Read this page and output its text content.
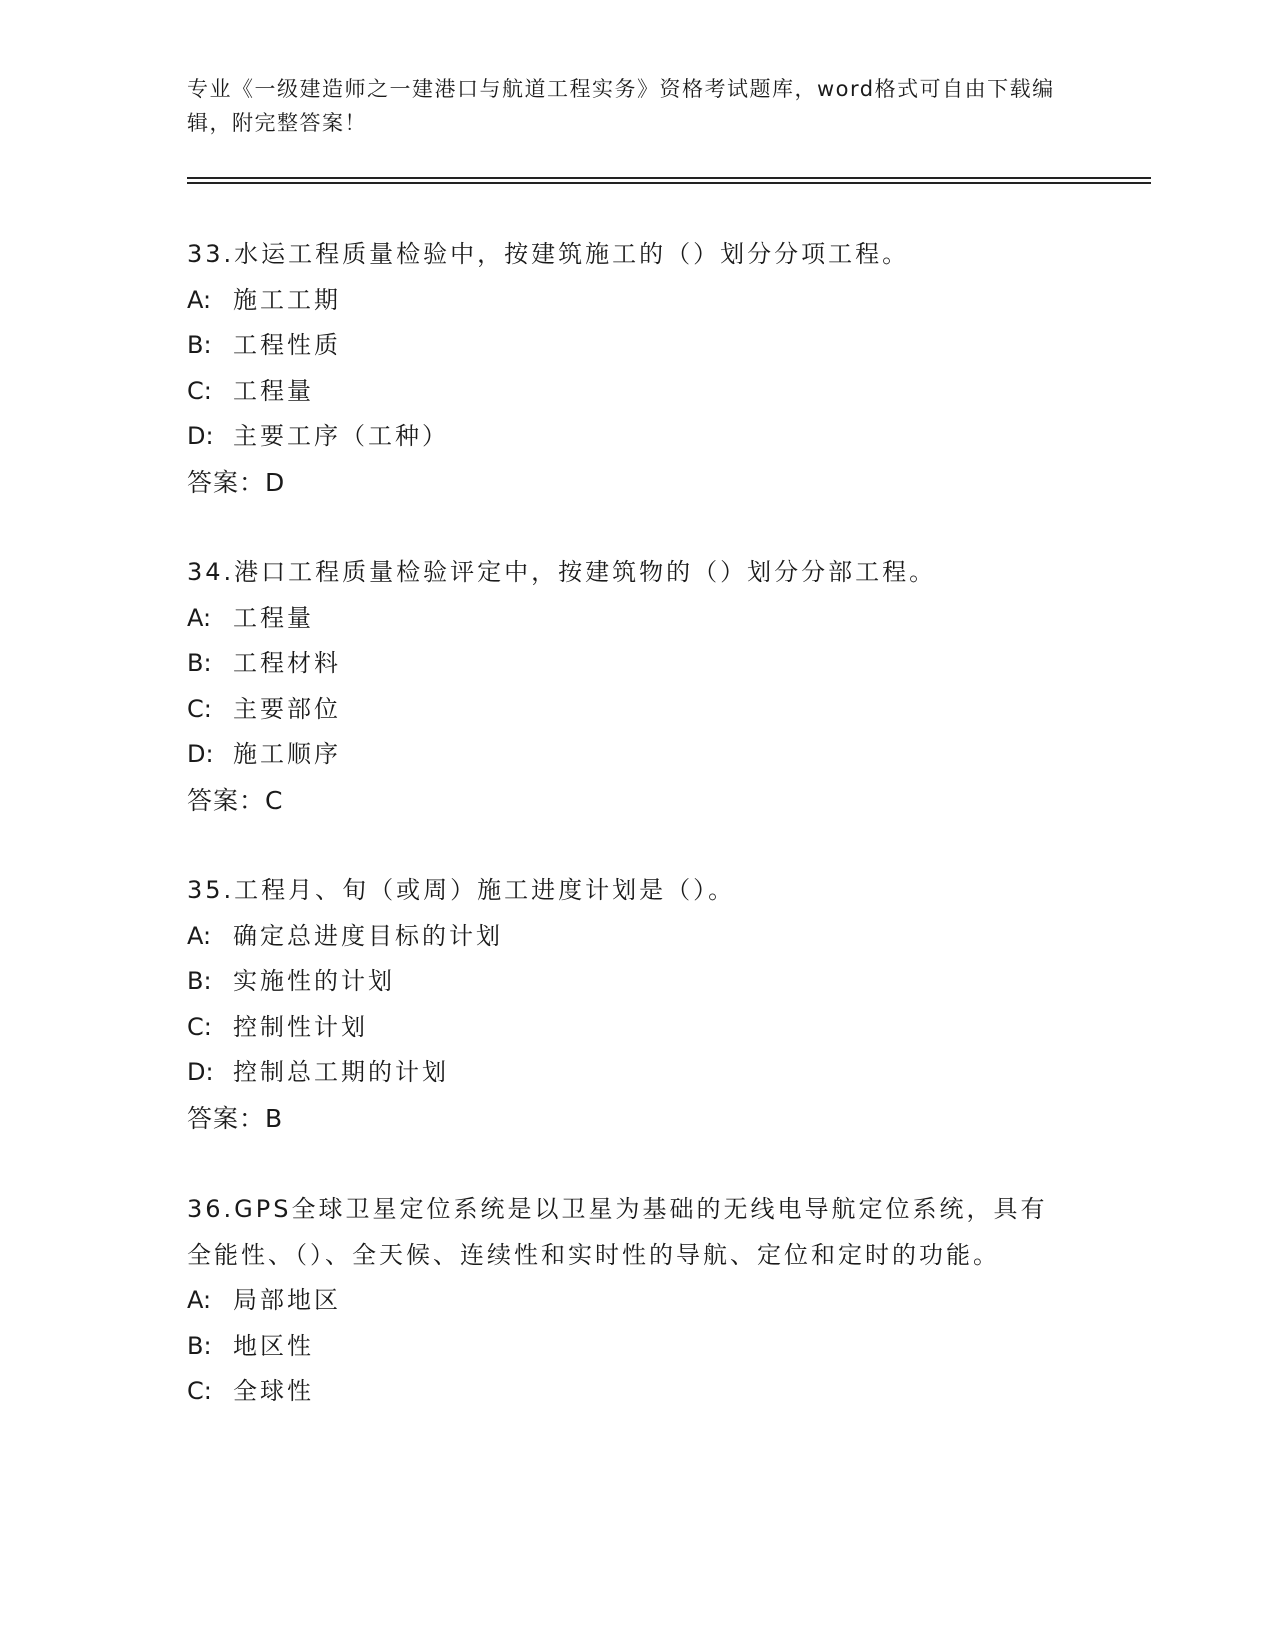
专业《一级建造师之一建港口与航道工程实务》资格考试题库，word格式可自由下载编辑，附完整答案！
33.水运工程质量检验中，按建筑施工的（）划分分项工程。
A: 施工工期
B: 工程性质
C: 工程量
D: 主要工序（工种）
答案：D
34.港口工程质量检验评定中，按建筑物的（）划分分部工程。
A: 工程量
B: 工程材料
C: 主要部位
D: 施工顺序
答案：C
35.工程月、旬（或周）施工进度计划是（）。
A: 确定总进度目标的计划
B: 实施性的计划
C: 控制性计划
D: 控制总工期的计划
答案：B
36.GPS全球卫星定位系统是以卫星为基础的无线电导航定位系统，具有全能性、（）、全天候、连续性和实时性的导航、定位和定时的功能。
A: 局部地区
B: 地区性
C: 全球性
